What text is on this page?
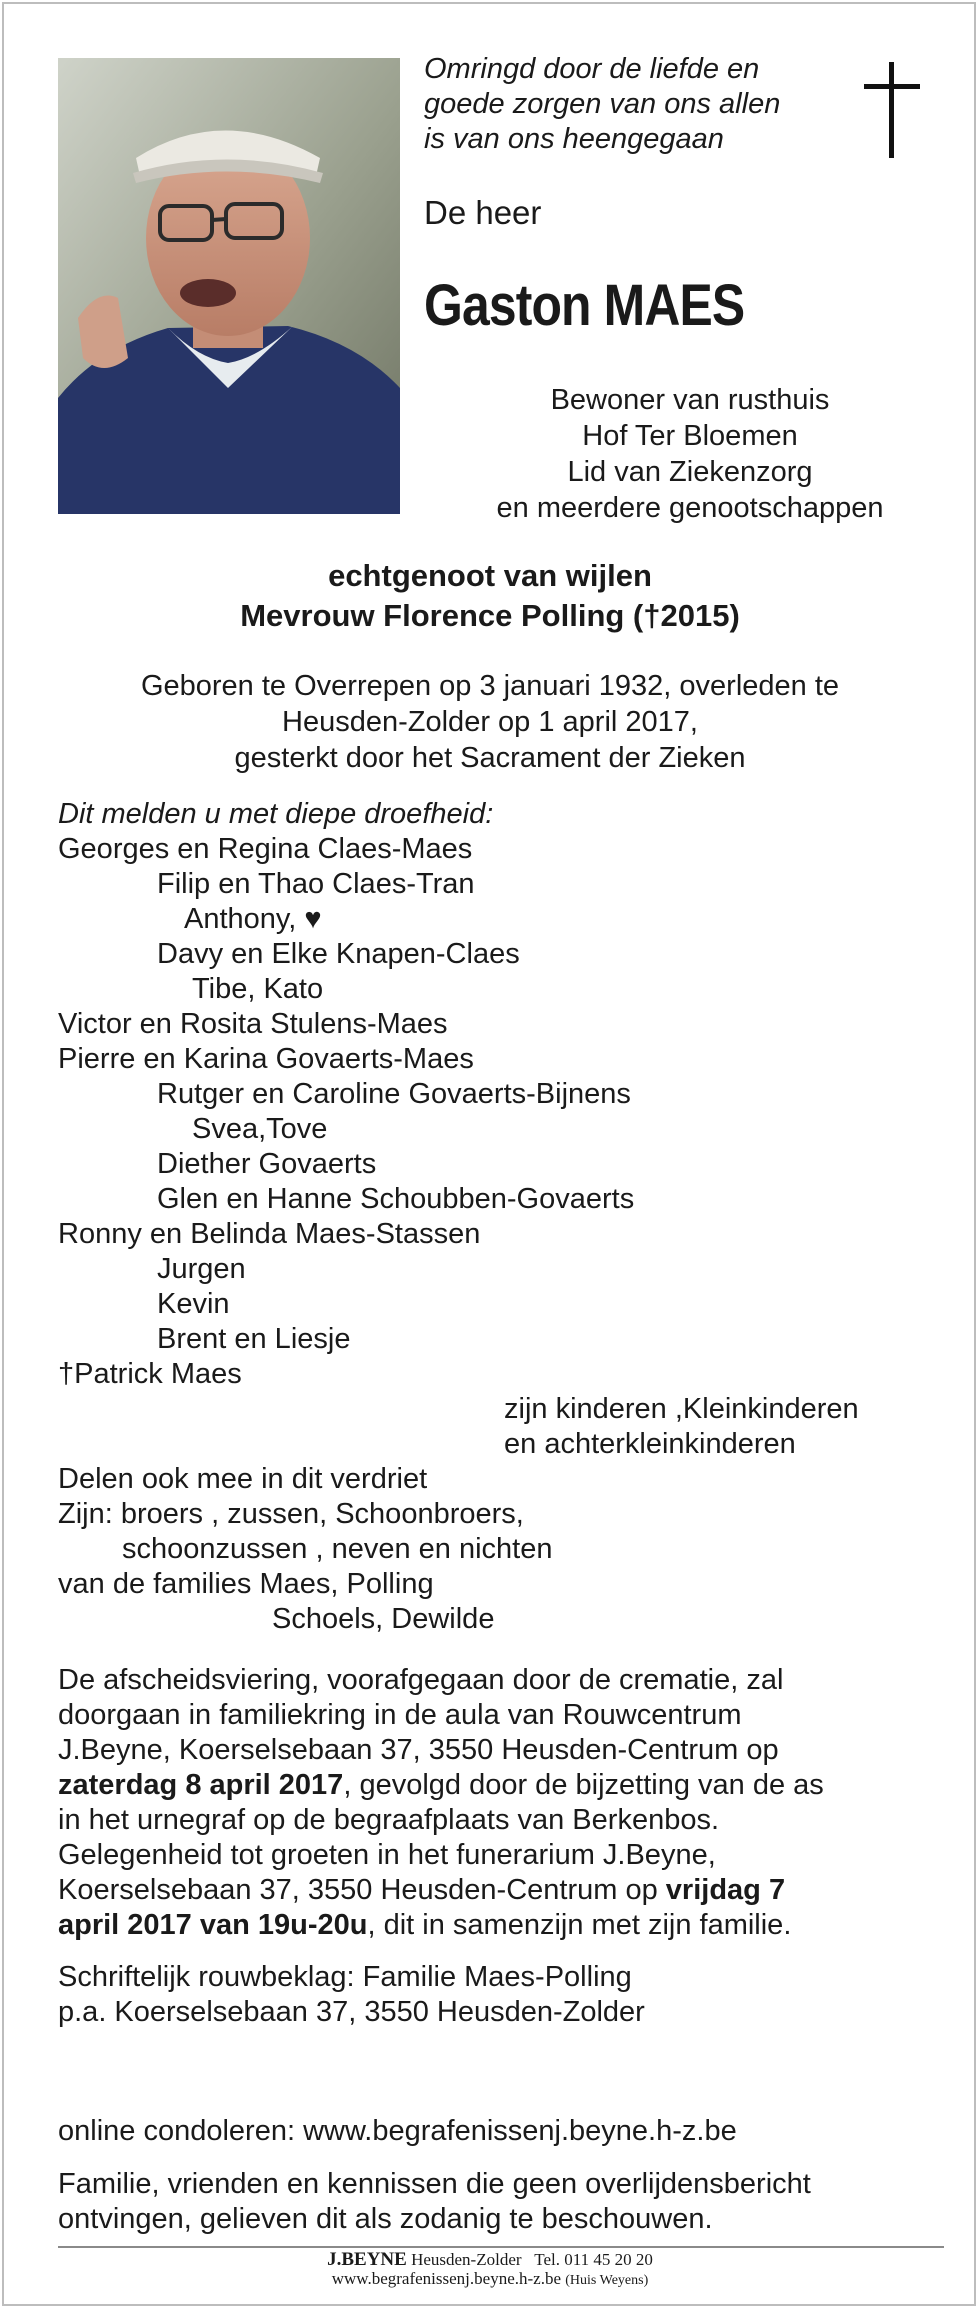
Omringd door de liefde en
goede zorgen van ons allen
is van ons heengegaan
De heer
Gaston MAES
Bewoner van rusthuis
Hof Ter Bloemen
Lid van Ziekenzorg
en meerdere genootschappen
echtgenoot van wijlen
Mevrouw Florence Polling (†2015)
Geboren te Overrepen op 3 januari 1932, overleden te
Heusden-Zolder op 1 april 2017,
gesterkt door het Sacrament der Zieken
Dit melden u met diepe droefheid:
Georges en Regina Claes-Maes
Filip en Thao Claes-Tran
Anthony, ♥
Davy en Elke Knapen-Claes
Tibe, Kato
Victor en Rosita Stulens-Maes
Pierre en Karina Govaerts-Maes
Rutger en Caroline Govaerts-Bijnens
Svea,Tove
Diether Govaerts
Glen en Hanne Schoubben-Govaerts
Ronny en Belinda Maes-Stassen
Jurgen
Kevin
Brent en Liesje
†Patrick Maes
zijn kinderen ,Kleinkinderen
en achterkleinkinderen
Delen ook mee in dit verdriet
Zijn: broers , zussen, Schoonbroers,
schoonzussen , neven en nichten
van de families Maes, Polling
Schoels, Dewilde
De afscheidsviering, voorafgegaan door de crematie, zal
doorgaan in familiekring in de aula van Rouwcentrum
J.Beyne, Koerselsebaan 37, 3550 Heusden-Centrum op
zaterdag 8 april 2017, gevolgd door de bijzetting van de as
in het urnegraf op de begraafplaats van Berkenbos.
Gelegenheid tot groeten in het funerarium J.Beyne,
Koerselsebaan 37, 3550 Heusden-Centrum op vrijdag 7
april 2017 van 19u-20u, dit in samenzijn met zijn familie.
Schriftelijk rouwbeklag: Familie Maes-Polling
p.a. Koerselsebaan 37, 3550 Heusden-Zolder
online condoleren: www.begrafenissenj.beyne.h-z.be
Familie, vrienden en kennissen die geen overlijdensbericht
ontvingen, gelieven dit als zodanig te beschouwen.
J.BEYNE Heusden-Zolder Tel. 011 45 20 20
www.begrafenissenj.beyne.h-z.be (Huis Weyens)
